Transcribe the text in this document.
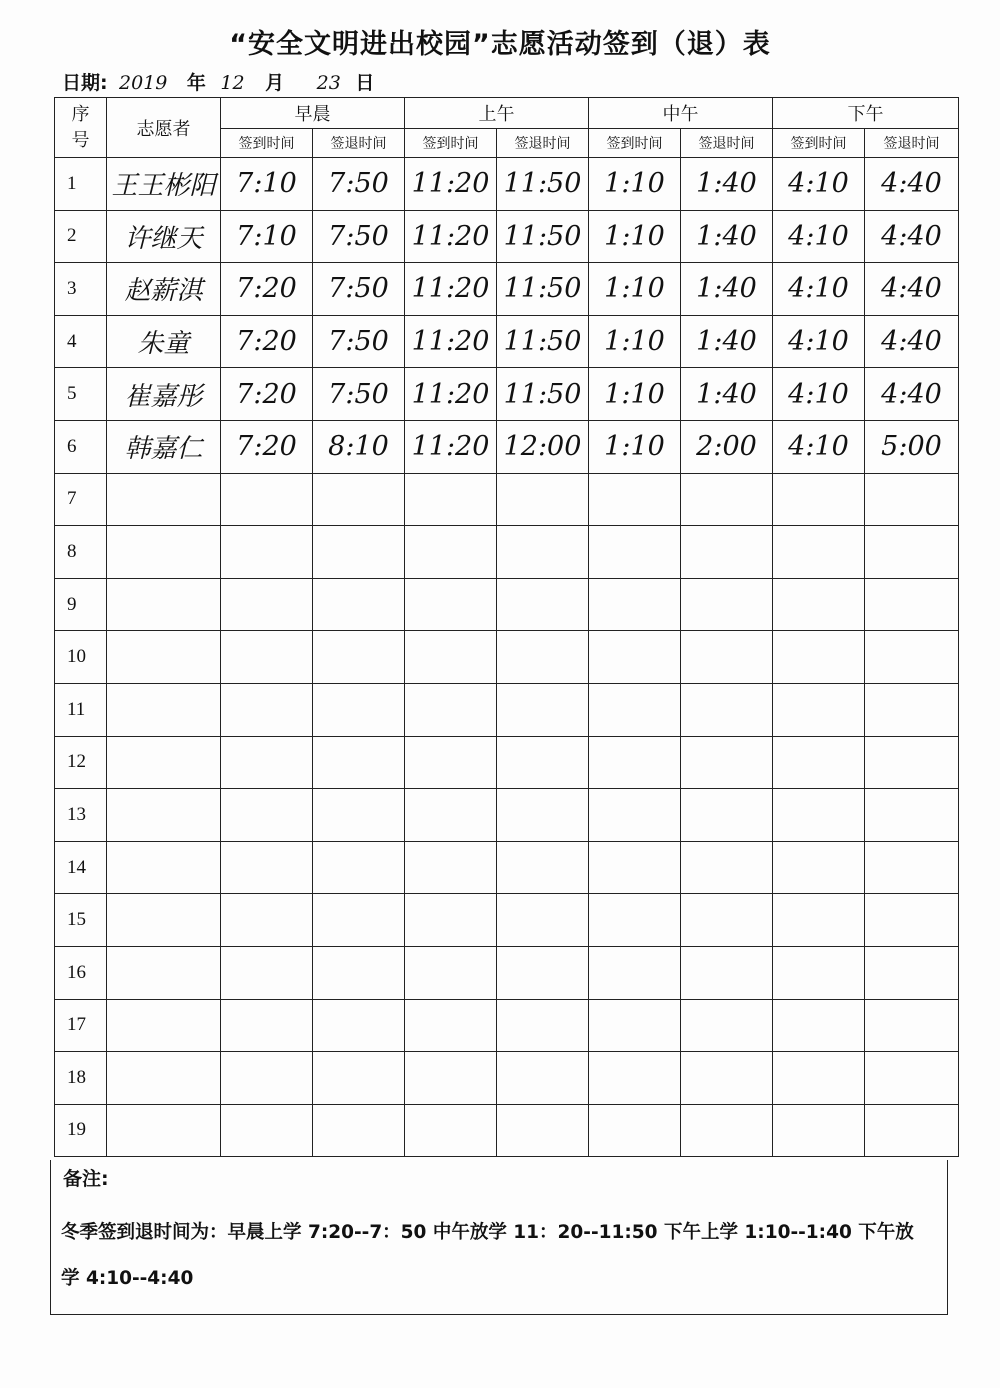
“安全文明进出校园”志愿活动签到（退）表
日期: 2019 年 12 月 23 日
序号	志愿者	早晨		上午		中午		下午	
		签到时间	签退时间	签到时间	签退时间	签到时间	签退时间	签到时间	签退时间
1	王王彬阳	7:10	7:50	11:20	11:50	1:10	1:40	4:10	4:40
2	许继天	7:10	7:50	11:20	11:50	1:10	1:40	4:10	4:40
3	赵薪淇	7:20	7:50	11:20	11:50	1:10	1:40	4:10	4:40
4	朱童	7:20	7:50	11:20	11:50	1:10	1:40	4:10	4:40
5	崔嘉彤	7:20	7:50	11:20	11:50	1:10	1:40	4:10	4:40
6	韩嘉仁	7:20	8:10	11:20	12:00	1:10	2:00	4:10	5:00
7									
8									
9									
10									
11									
12									
13									
14									
15									
16									
17									
18									
19									
备注:
冬季签到退时间为：早晨上学 7:20--7：50 中午放学 11：20--11:50 下午上学 1:10--1:40 下午放
学 4:10--4:40
